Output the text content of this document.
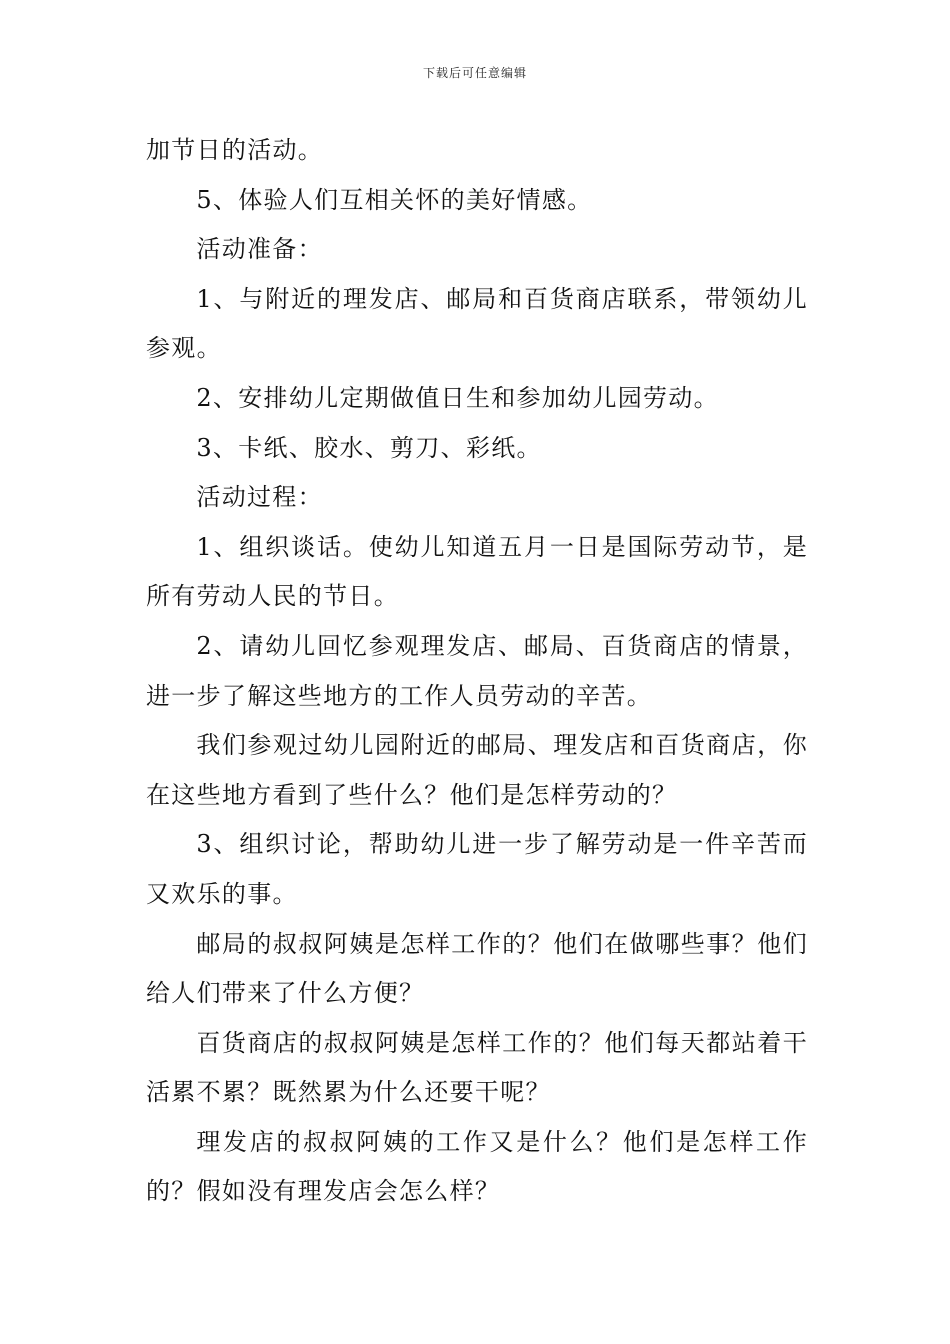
下载后可任意编辑

加节日的活动。

5、体验人们互相关怀的美好情感。

活动准备：

1、与附近的理发店、邮局和百货商店联系，带领幼儿参观。

2、安排幼儿定期做值日生和参加幼儿园劳动。

3、卡纸、胶水、剪刀、彩纸。

活动过程：

1、组织谈话。使幼儿知道五月一日是国际劳动节，是所有劳动人民的节日。

2、请幼儿回忆参观理发店、邮局、百货商店的情景，进一步了解这些地方的工作人员劳动的辛苦。

我们参观过幼儿园附近的邮局、理发店和百货商店，你在这些地方看到了些什么？他们是怎样劳动的？

3、组织讨论，帮助幼儿进一步了解劳动是一件辛苦而又欢乐的事。

邮局的叔叔阿姨是怎样工作的？他们在做哪些事？他们给人们带来了什么方便？

百货商店的叔叔阿姨是怎样工作的？他们每天都站着干活累不累？既然累为什么还要干呢？

理发店的叔叔阿姨的工作又是什么？他们是怎样工作的？假如没有理发店会怎么样？
